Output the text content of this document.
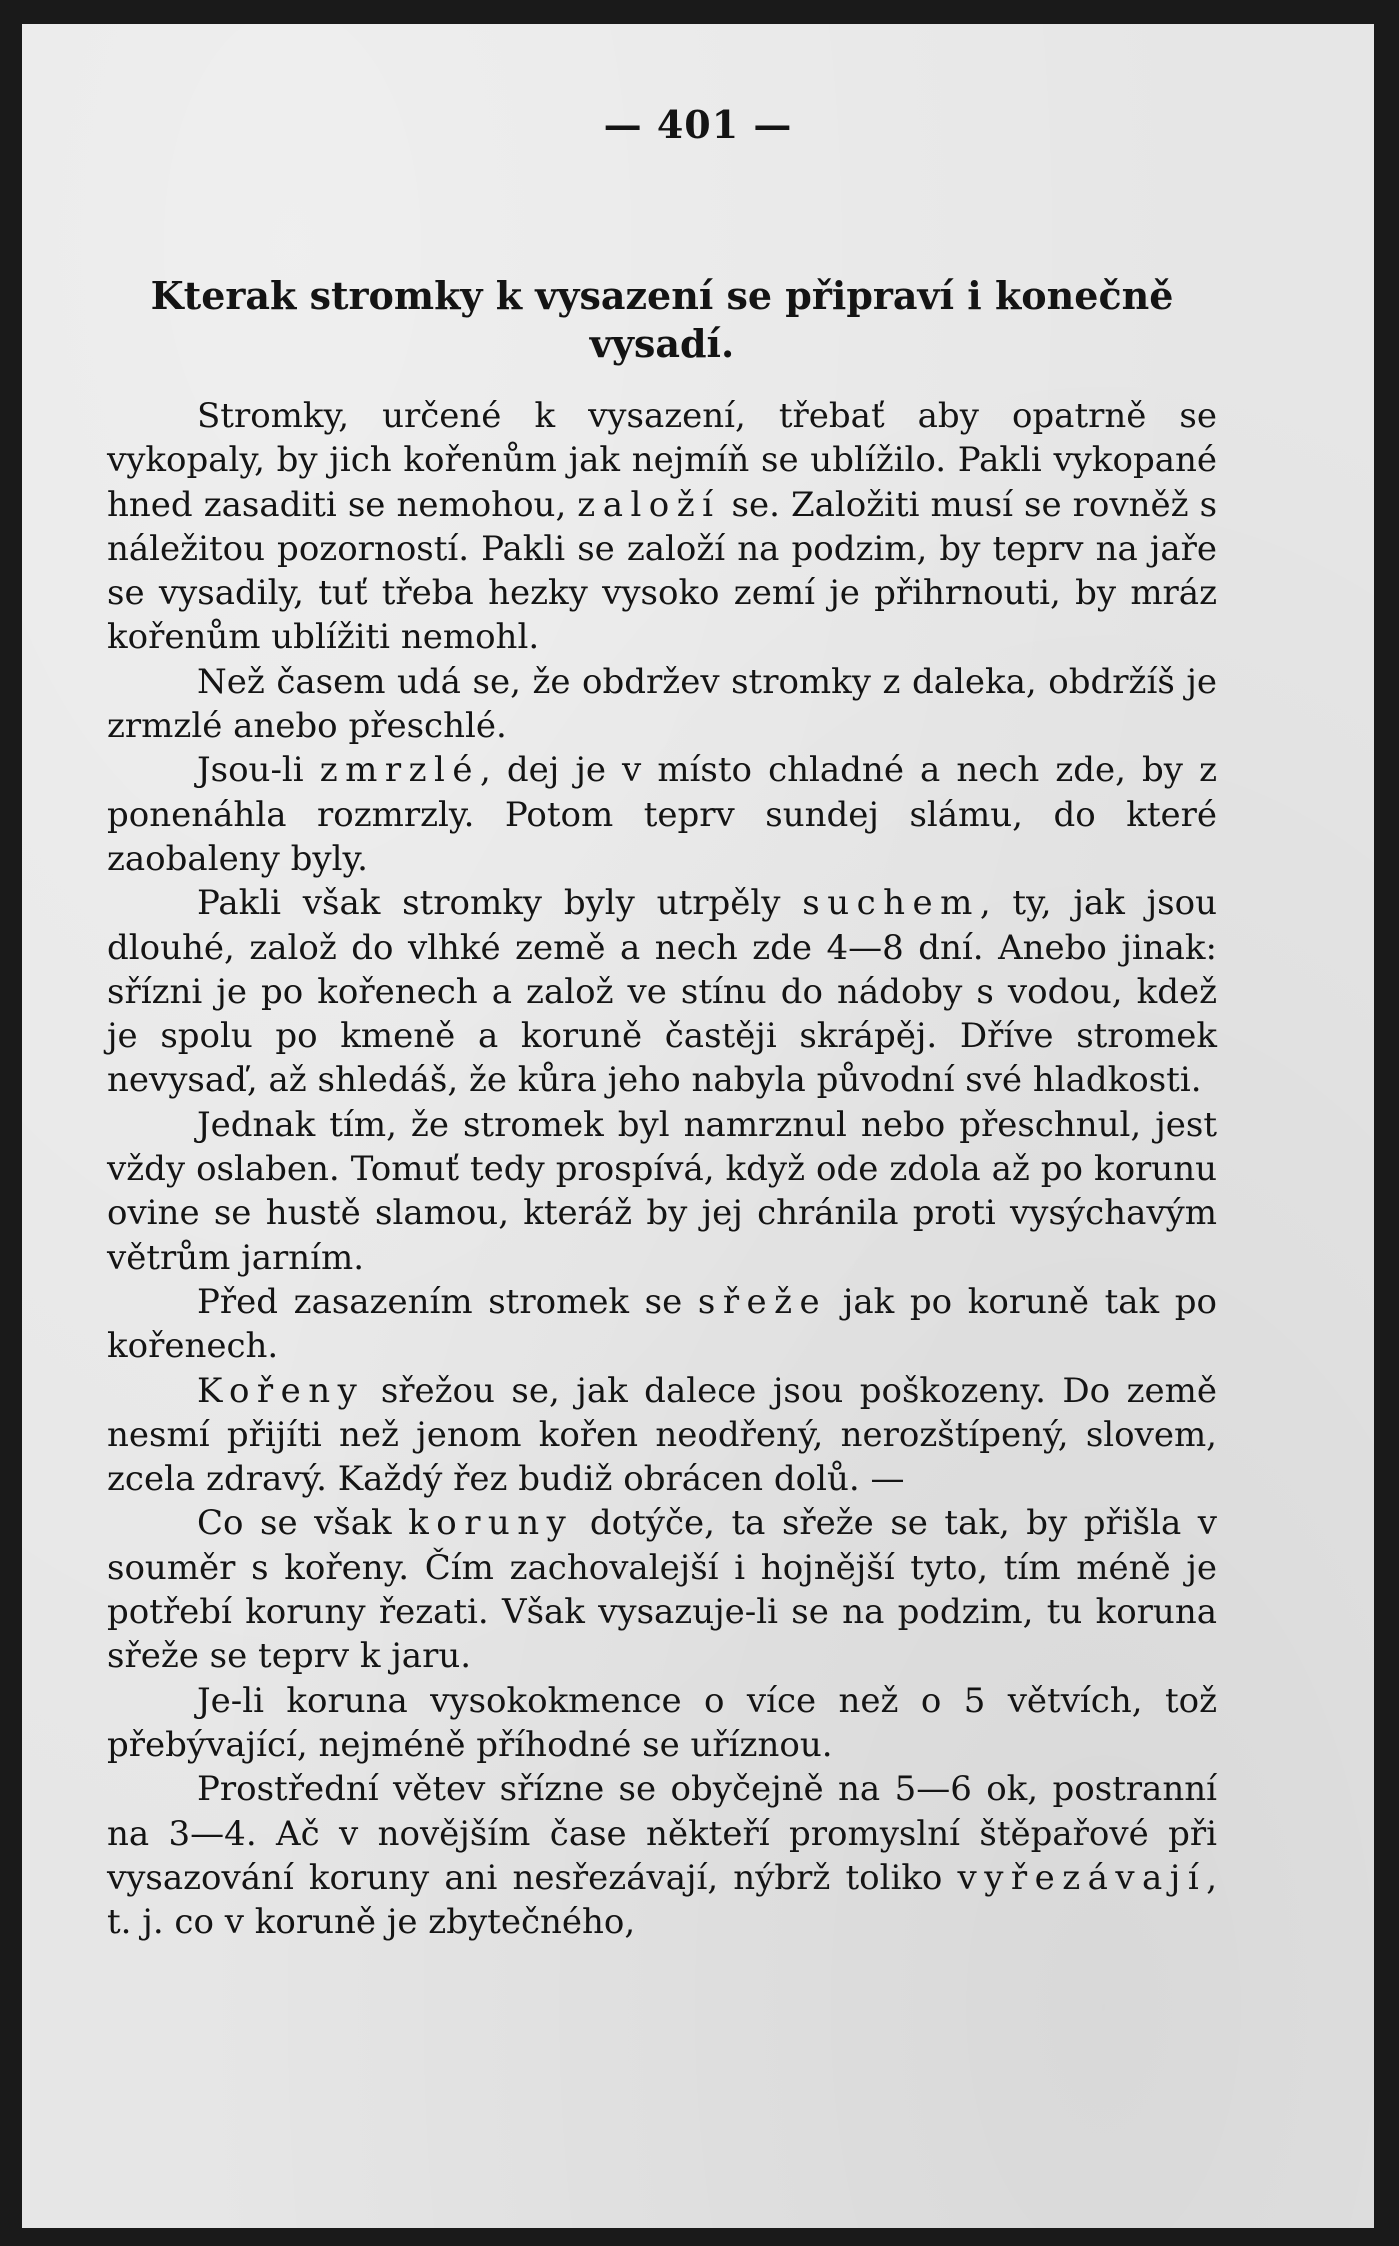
— 401 —
Kterak stromky k vysazení se připraví i konečně vysadí.

Stromky, určené k vysazení, třebať aby opatrně se vykopaly, by jich kořenům jak nejmíň se ublížilo. Pakli vykopané hned zasaditi se nemohou, založí se. Založiti musí se rovněž s náležitou pozorností. Pakli se založí na podzim, by teprv na jaře se vysadily, tuť třeba hezky vysoko zemí je přihrnouti, by mráz kořenům ublížiti nemohl.

Než časem udá se, že obdržev stromky z daleka, obdržíš je zrmzlé anebo přeschlé.

Jsou-li zmrzlé, dej je v místo chladné a nech zde, by z ponenáhla rozmrzly. Potom teprv sundej slámu, do které zaobaleny byly.

Pakli však stromky byly utrpěly suchem, ty, jak jsou dlouhé, založ do vlhké země a nech zde 4—8 dní. Anebo jinak: sřízni je po kořenech a založ ve stínu do nádoby s vodou, kdež je spolu po kmeně a koruně častěji skrápěj. Dříve stromek nevysaď, až shledáš, že kůra jeho nabyla původní své hladkosti.

Jednak tím, že stromek byl namrznul nebo přeschnul, jest vždy oslaben. Tomuť tedy prospívá, když ode zdola až po korunu ovine se hustě slamou, kteráž by jej chránila proti vysýchavým větrům jarním.

Před zasazením stromek se sřeže jak po koruně tak po kořenech.

Kořeny sřežou se, jak dalece jsou poškozeny. Do země nesmí přijíti než jenom kořen neodřený, nerozštípený, slovem, zcela zdravý. Každý řez budiž obrácen dolů. —

Co se však koruny dotýče, ta sřeže se tak, by přišla v souměr s kořeny. Čím zachovalejší i hojnější tyto, tím méně je potřebí koruny řezati. Však vysazuje-li se na podzim, tu koruna sřeže se teprv k jaru.

Je-li koruna vysokokmence o více než o 5 větvích, tož přebývající, nejméně příhodné se uříznou.

Prostřední větev sřízne se obyčejně na 5—6 ok, postranní na 3—4. Ač v novějším čase někteří promyslní štěpařové při vysazování koruny ani nesřezávají, nýbrž toliko vyřezávají, t. j. co v koruně je zbytečného,
